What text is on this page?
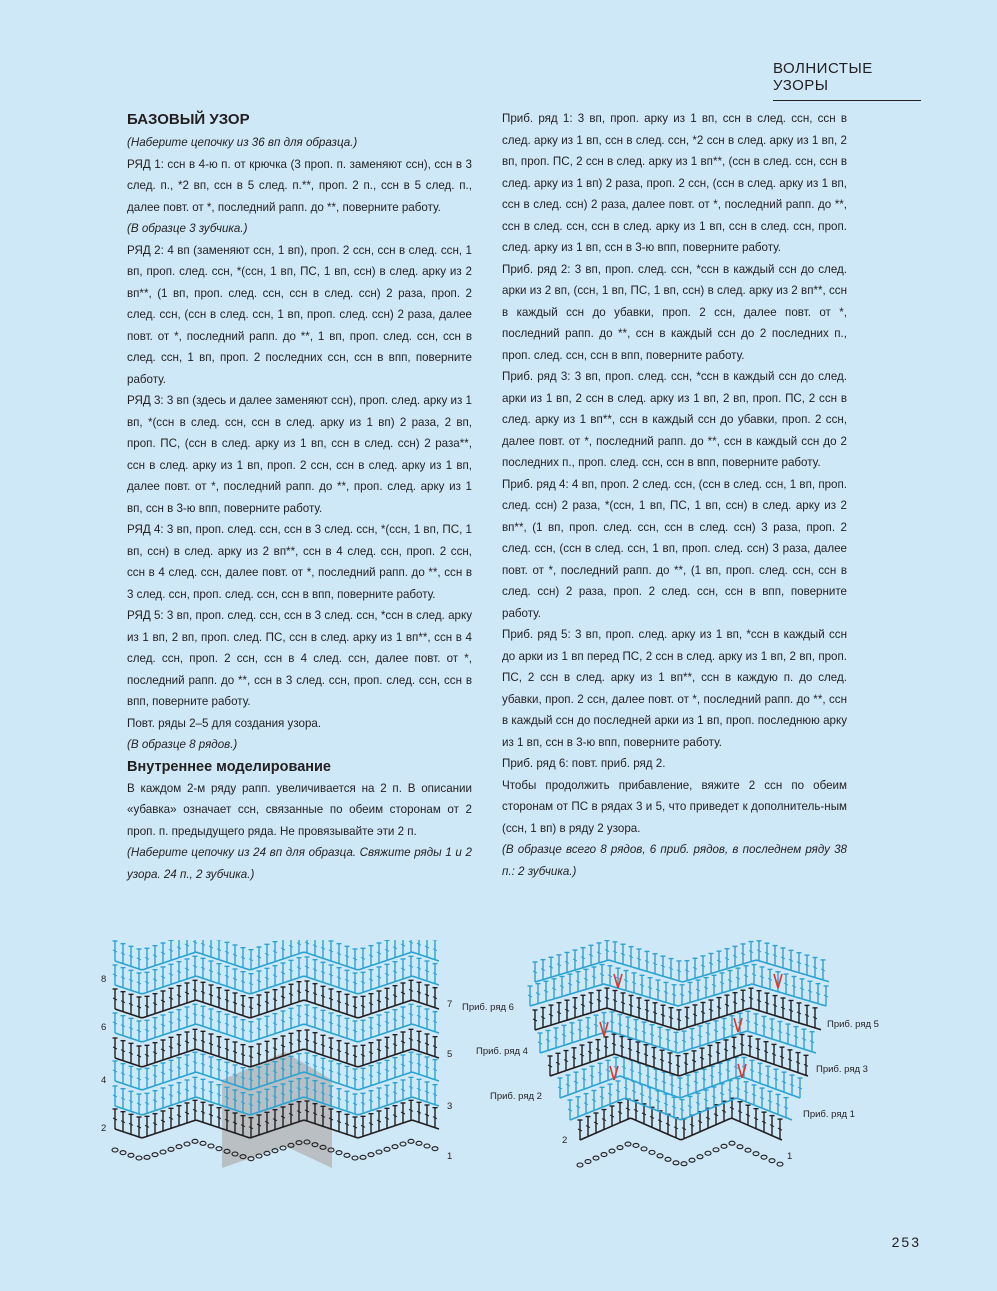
ВОЛНИСТЫЕ УЗОРЫ

БАЗОВЫЙ УЗОР

(Наберите цепочку из 36 вп для образца.)

РЯД 1: ссн в 4-ю п. от крючка (3 проп. п. заменяют ссн), ссн в 3 след. п., *2 вп, ссн в 5 след. п.**, проп. 2 п., ссн в 5 след. п., далее повт. от *, последний рапп. до **, поверните работу.

(В образце 3 зубчика.)

РЯД 2: 4 вп (заменяют ссн, 1 вп), проп. 2 ссн, ссн в след. ссн, 1 вп, проп. след. ссн, *(ссн, 1 вп, ПС, 1 вп, ссн) в след. арку из 2 вп**, (1 вп, проп. след. ссн, ссн в след. ссн) 2 раза, проп. 2 след. ссн, (ссн в след. ссн, 1 вп, проп. след. ссн) 2 раза, далее повт. от *, последний рапп. до **, 1 вп, проп. след. ссн, ссн в след. ссн, 1 вп, проп. 2 последних ссн, ссн в впп, поверните работу.

РЯД 3: 3 вп (здесь и далее заменяют ссн), проп. след. арку из 1 вп, *(ссн в след. ссн, ссн в след. арку из 1 вп) 2 раза, 2 вп, проп. ПС, (ссн в след. арку из 1 вп, ссн в след. ссн) 2 раза**, ссн в след. арку из 1 вп, проп. 2 ссн, ссн в след. арку из 1 вп, далее повт. от *, последний рапп. до **, проп. след. арку из 1 вп, ссн в 3-ю впп, поверните работу.

РЯД 4: 3 вп, проп. след. ссн, ссн в 3 след. ссн, *(ссн, 1 вп, ПС, 1 вп, ссн) в след. арку из 2 вп**, ссн в 4 след. ссн, проп. 2 ссн, ссн в 4 след. ссн, далее повт. от *, последний рапп. до **, ссн в 3 след. ссн, проп. след. ссн, ссн в впп, поверните работу.

РЯД 5: 3 вп, проп. след. ссн, ссн в 3 след. ссн, *ссн в след. арку из 1 вп, 2 вп, проп. след. ПС, ссн в след. арку из 1 вп**, ссн в 4 след. ссн, проп. 2 ссн, ссн в 4 след. ссн, далее повт. от *, последний рапп. до **, ссн в 3 след. ссн, проп. след. ссн, ссн в впп, поверните работу.

Повт. ряды 2–5 для создания узора.

(В образце 8 рядов.)

Внутреннее моделирование

В каждом 2-м ряду рапп. увеличивается на 2 п. В описании «убавка» означает ссн, связанные по обеим сторонам от 2 проп. п. предыдущего ряда. Не провязывайте эти 2 п.

(Наберите цепочку из 24 вп для образца. Свяжите ряды 1 и 2 узора. 24 п., 2 зубчика.)

Приб. ряд 1: 3 вп, проп. арку из 1 вп, ссн в след. ссн, ссн в след. арку из 1 вп, ссн в след. ссн, *2 ссн в след. арку из 1 вп, 2 вп, проп. ПС, 2 ссн в след. арку из 1 вп**, (ссн в след. ссн, ссн в след. арку из 1 вп) 2 раза, проп. 2 ссн, (ссн в след. арку из 1 вп, ссн в след. ссн) 2 раза, далее повт. от *, последний рапп. до **, ссн в след. ссн, ссн в след. арку из 1 вп, ссн в след. ссн, проп. след. арку из 1 вп, ссн в 3-ю впп, поверните работу.

Приб. ряд 2: 3 вп, проп. след. ссн, *ссн в каждый ссн до след. арки из 2 вп, (ссн, 1 вп, ПС, 1 вп, ссн) в след. арку из 2 вп**, ссн в каждый ссн до убавки, проп. 2 ссн, далее повт. от *, последний рапп. до **, ссн в каждый ссн до 2 последних п., проп. след. ссн, ссн в впп, поверните работу.

Приб. ряд 3: 3 вп, проп. след. ссн, *ссн в каждый ссн до след. арки из 1 вп, 2 ссн в след. арку из 1 вп, 2 вп, проп. ПС, 2 ссн в след. арку из 1 вп**, ссн в каждый ссн до убавки, проп. 2 ссн, далее повт. от *, последний рапп. до **, ссн в каждый ссн до 2 последних п., проп. след. ссн, ссн в впп, поверните работу.

Приб. ряд 4: 4 вп, проп. 2 след. ссн, (ссн в след. ссн, 1 вп, проп. след. ссн) 2 раза, *(ссн, 1 вп, ПС, 1 вп, ссн) в след. арку из 2 вп**, (1 вп, проп. след. ссн, ссн в след. ссн) 3 раза, проп. 2 след. ссн, (ссн в след. ссн, 1 вп, проп. след. ссн) 3 раза, далее повт. от *, последний рапп. до **, (1 вп, проп. след. ссн, ссн в след. ссн) 2 раза, проп. 2 след. ссн, ссн в впп, поверните работу.

Приб. ряд 5: 3 вп, проп. след. арку из 1 вп, *ссн в каждый ссн до арки из 1 вп перед ПС, 2 ссн в след. арку из 1 вп, 2 вп, проп. ПС, 2 ссн в след. арку из 1 вп**, ссн в каждую п. до след. убавки, проп. 2 ссн, далее повт. от *, последний рапп. до **, ссн в каждый ссн до последней арки из 1 вп, проп. последнюю арку из 1 вп, ссн в 3-ю впп, поверните работу.

Приб. ряд 6: повт. приб. ряд 2.

Чтобы продолжить прибавление, вяжите 2 ссн по обеим сторонам от ПС в рядах 3 и 5, что приведет к дополнитель-ным (ссн, 1 вп) в ряду 2 узора.

(В образце всего 8 рядов, 6 приб. рядов, в последнем ряду 38 п.: 2 зубчика.)

8
6
4
2
7
5
3
1
Приб. ряд 6
Приб. ряд 4
Приб. ряд 2
2
Приб. ряд 5
Приб. ряд 3
Приб. ряд 1
1
253
